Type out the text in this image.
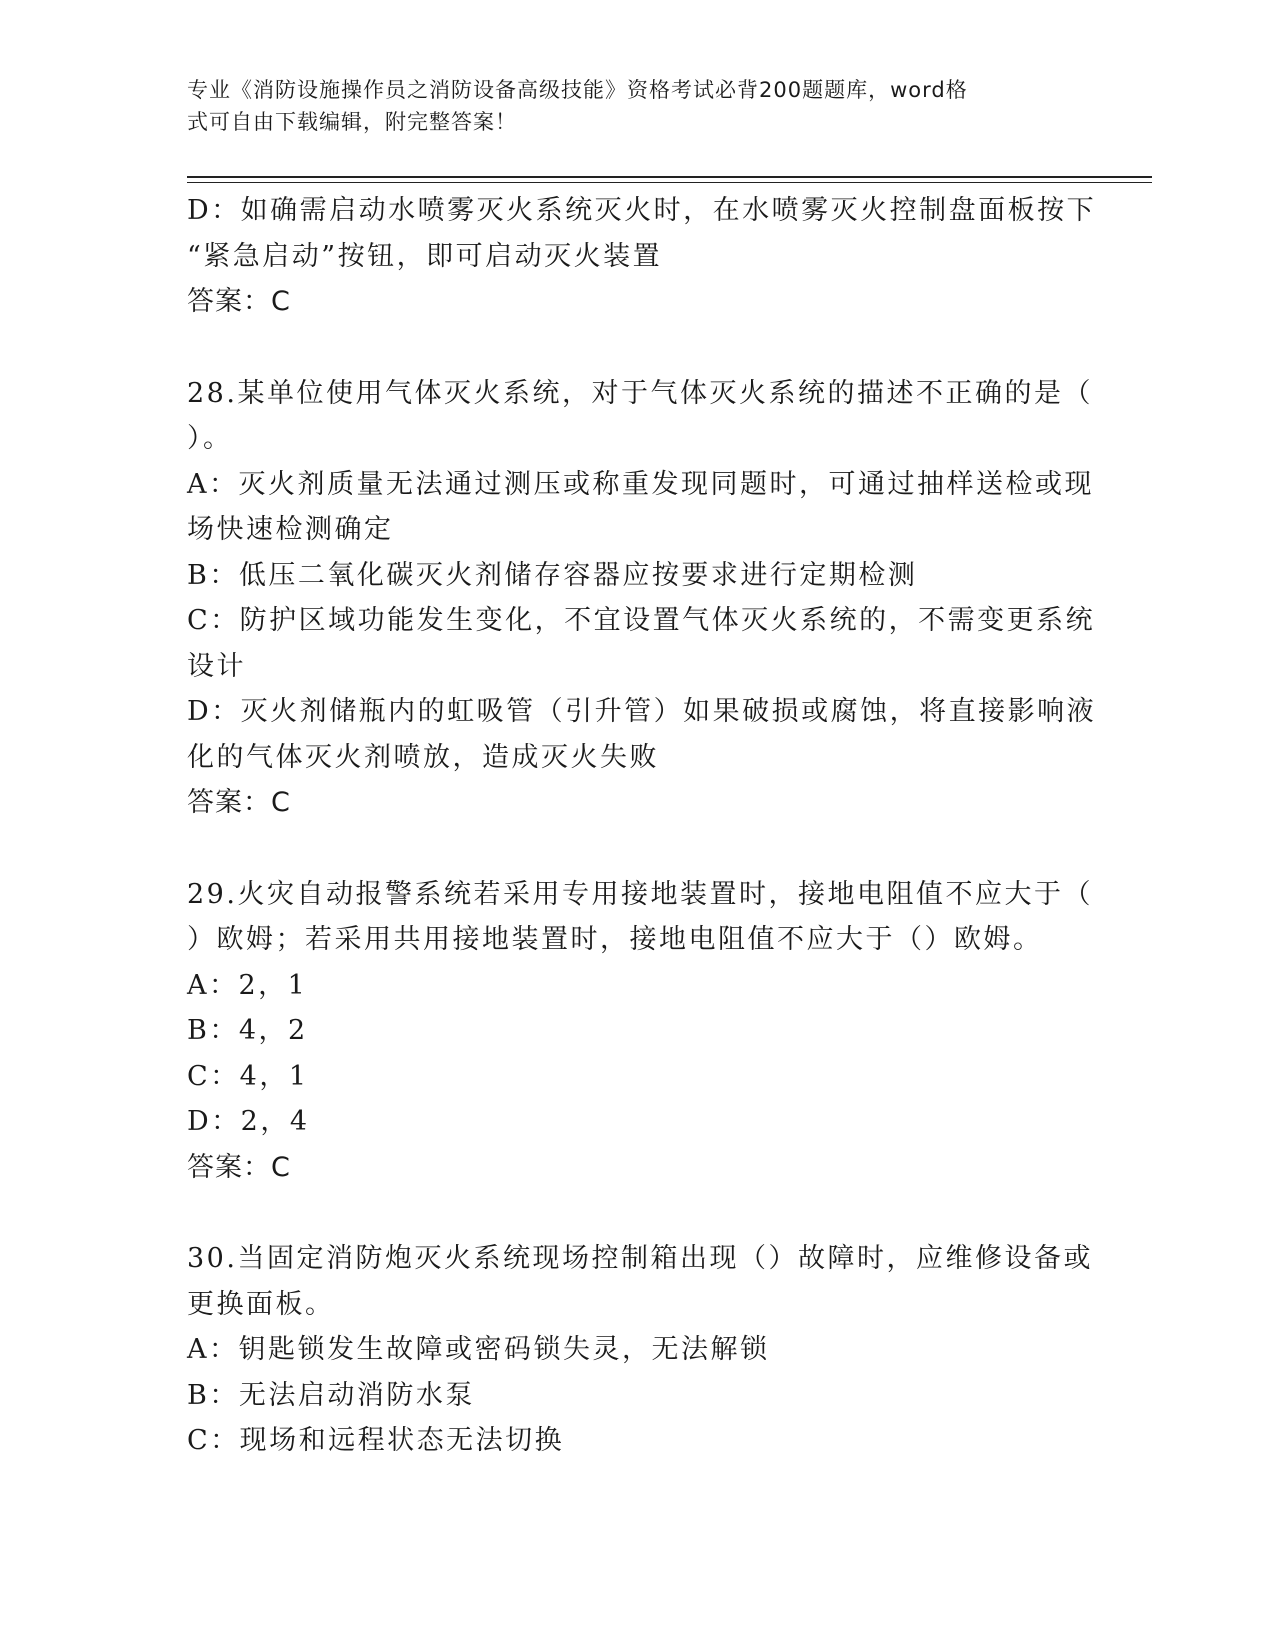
专业《消防设施操作员之消防设备高级技能》资格考试必背200题题库，word格
式可自由下载编辑，附完整答案！
D：如确需启动水喷雾灭火系统灭火时，在水喷雾灭火控制盘面板按下
“紧急启动”按钮，即可启动灭火装置
答案：C
28.某单位使用气体灭火系统，对于气体灭火系统的描述不正确的是（
）。
A：灭火剂质量无法通过测压或称重发现同题时，可通过抽样送检或现
场快速检测确定
B：低压二氧化碳灭火剂储存容器应按要求进行定期检测
C：防护区域功能发生变化，不宜设置气体灭火系统的，不需变更系统
设计
D：灭火剂储瓶内的虹吸管（引升管）如果破损或腐蚀，将直接影响液
化的气体灭火剂喷放，造成灭火失败
答案：C
29.火灾自动报警系统若采用专用接地装置时，接地电阻值不应大于（
）欧姆；若采用共用接地装置时，接地电阻值不应大于（）欧姆。
A：2，1
B：4，2
C：4，1
D：2，4
答案：C
30.当固定消防炮灭火系统现场控制箱出现（）故障时，应维修设备或
更换面板。
A：钥匙锁发生故障或密码锁失灵，无法解锁
B：无法启动消防水泵
C：现场和远程状态无法切换
